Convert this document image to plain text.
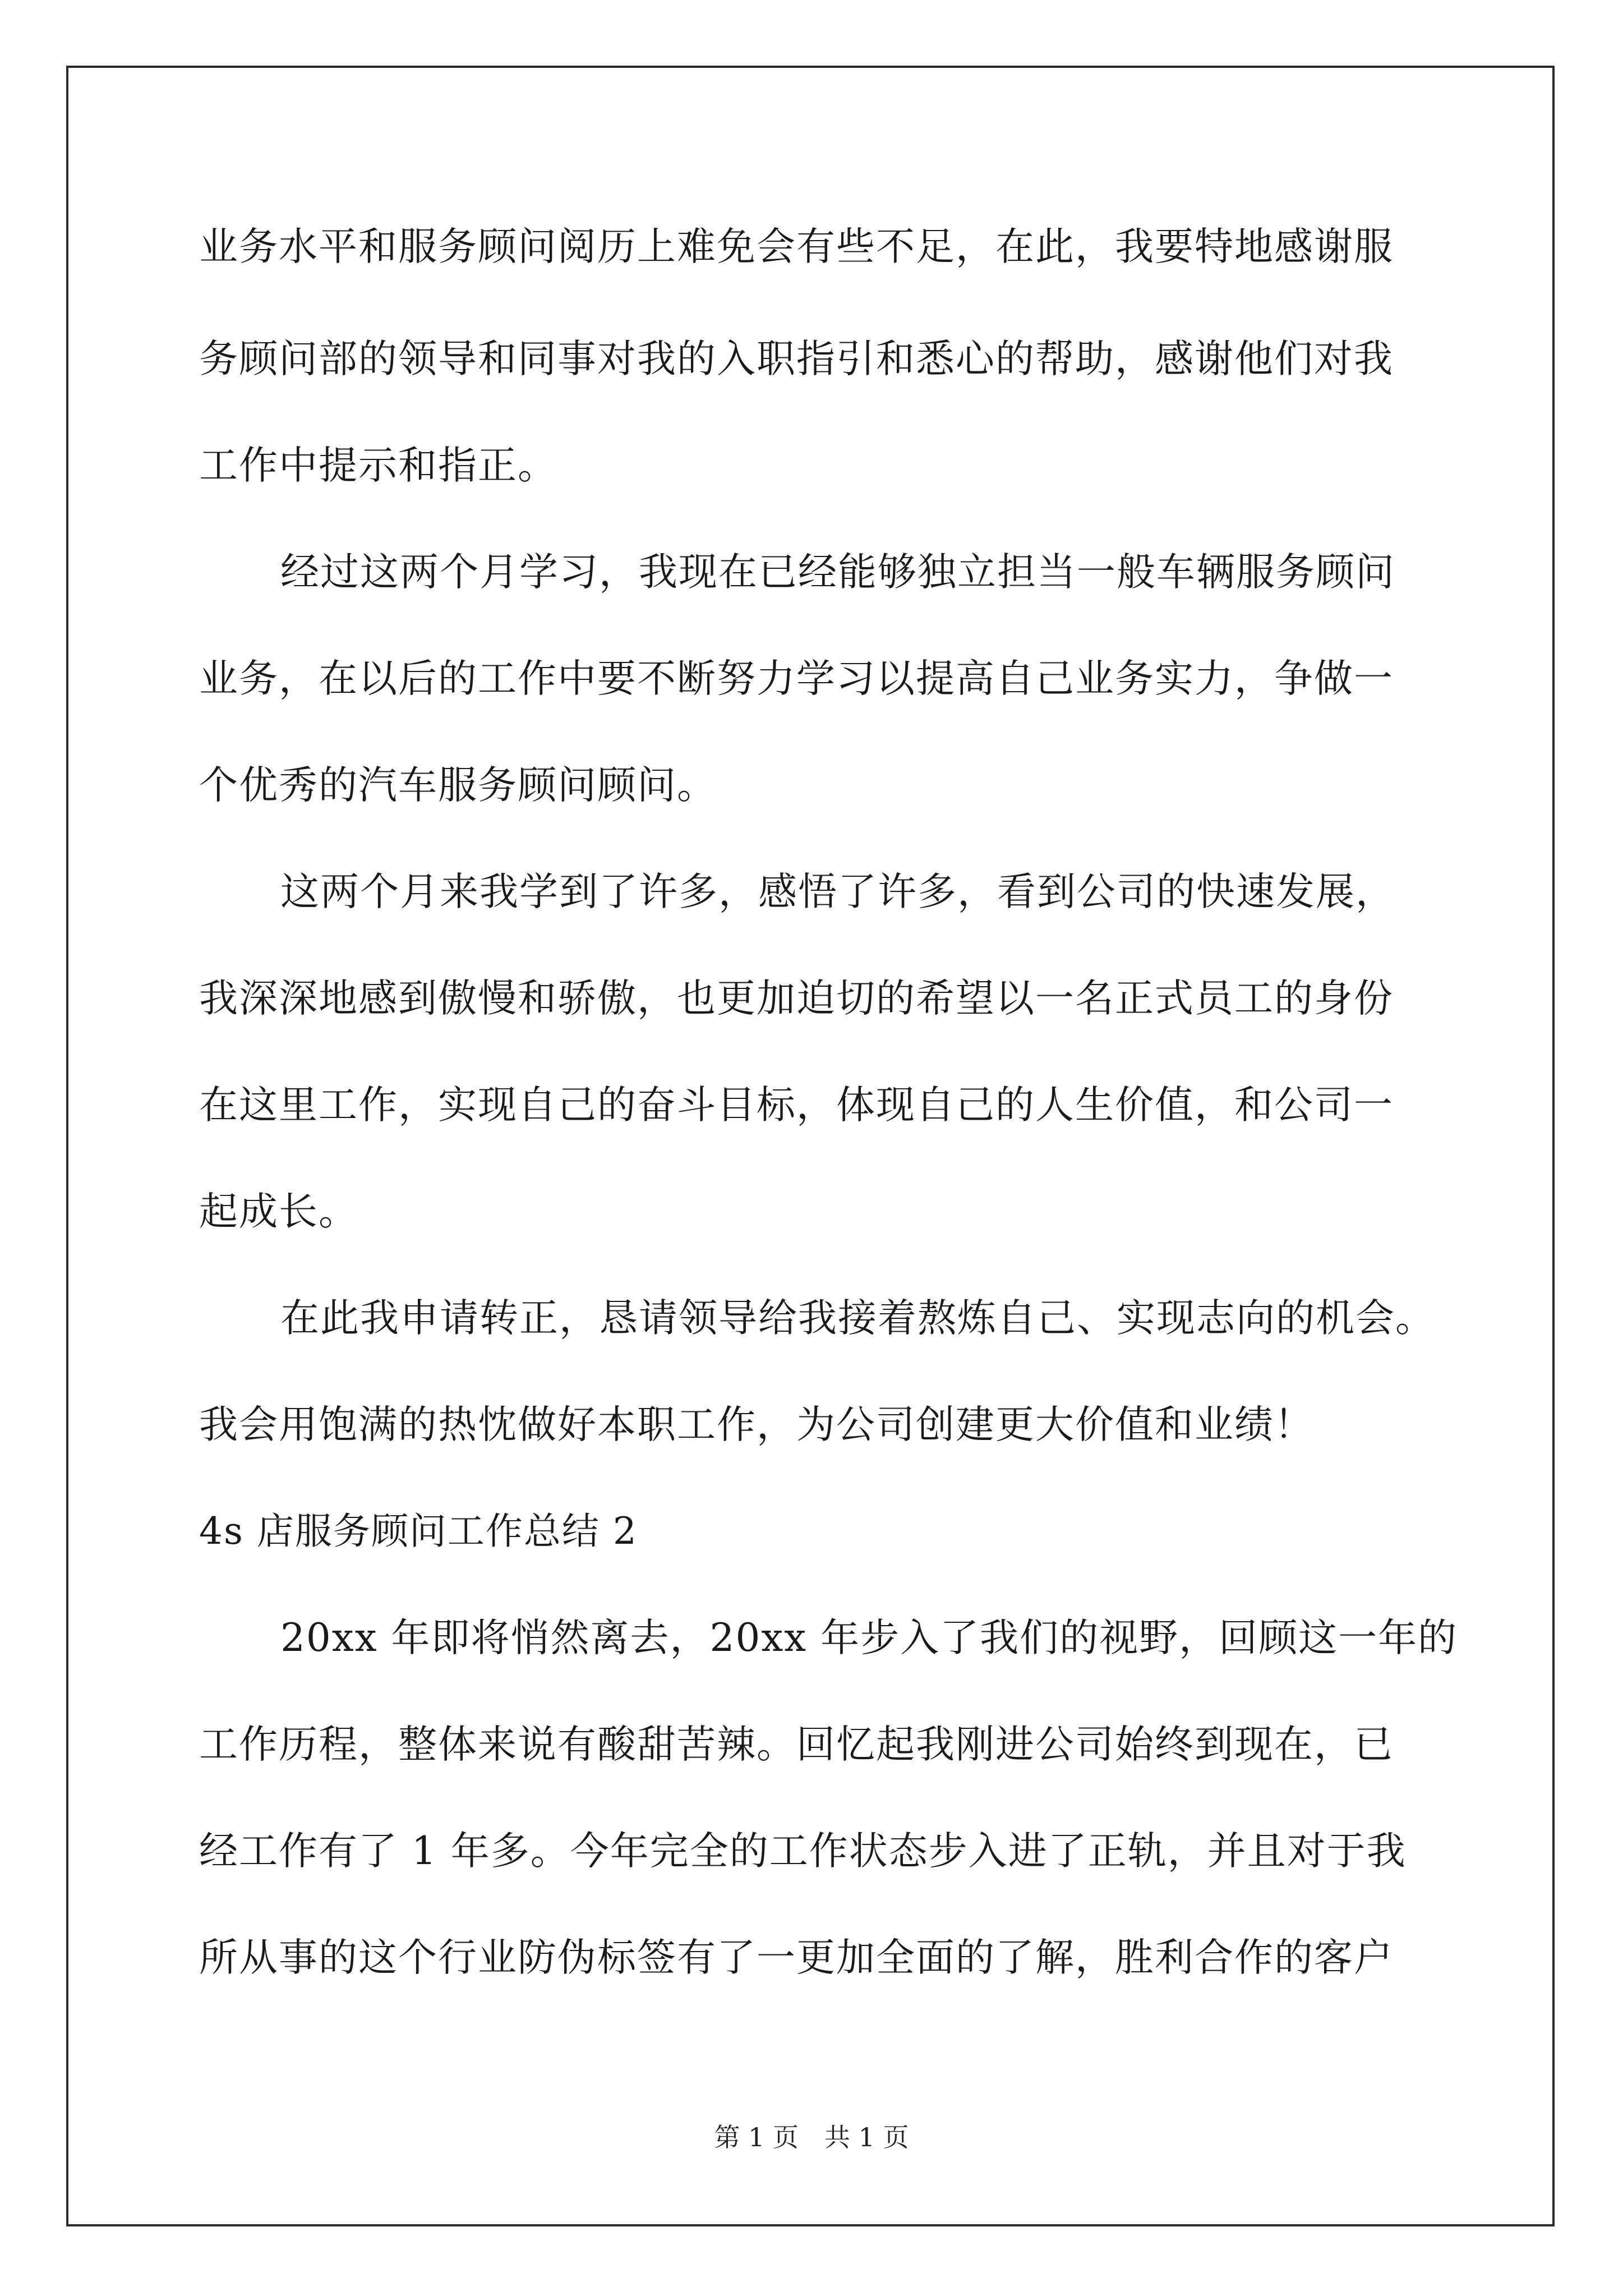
业务水平和服务顾问阅历上难免会有些不足，在此，我要特地感谢服
务顾问部的领导和同事对我的入职指引和悉心的帮助，感谢他们对我
工作中提示和指正。
经过这两个月学习，我现在已经能够独立担当一般车辆服务顾问
业务，在以后的工作中要不断努力学习以提高自己业务实力，争做一
个优秀的汽车服务顾问顾问。
这两个月来我学到了许多，感悟了许多，看到公司的快速发展，
我深深地感到傲慢和骄傲，也更加迫切的希望以一名正式员工的身份
在这里工作，实现自己的奋斗目标，体现自己的人生价值，和公司一
起成长。
在此我申请转正，恳请领导给我接着熬炼自己、实现志向的机会。
我会用饱满的热忱做好本职工作，为公司创建更大价值和业绩！
4s 店服务顾问工作总结 2
20xx 年即将悄然离去，20xx 年步入了我们的视野，回顾这一年的
工作历程，整体来说有酸甜苦辣。回忆起我刚进公司始终到现在，已
经工作有了 1 年多。今年完全的工作状态步入进了正轨，并且对于我
所从事的这个行业防伪标签有了一更加全面的了解，胜利合作的客户
第 1 页　共 1 页
